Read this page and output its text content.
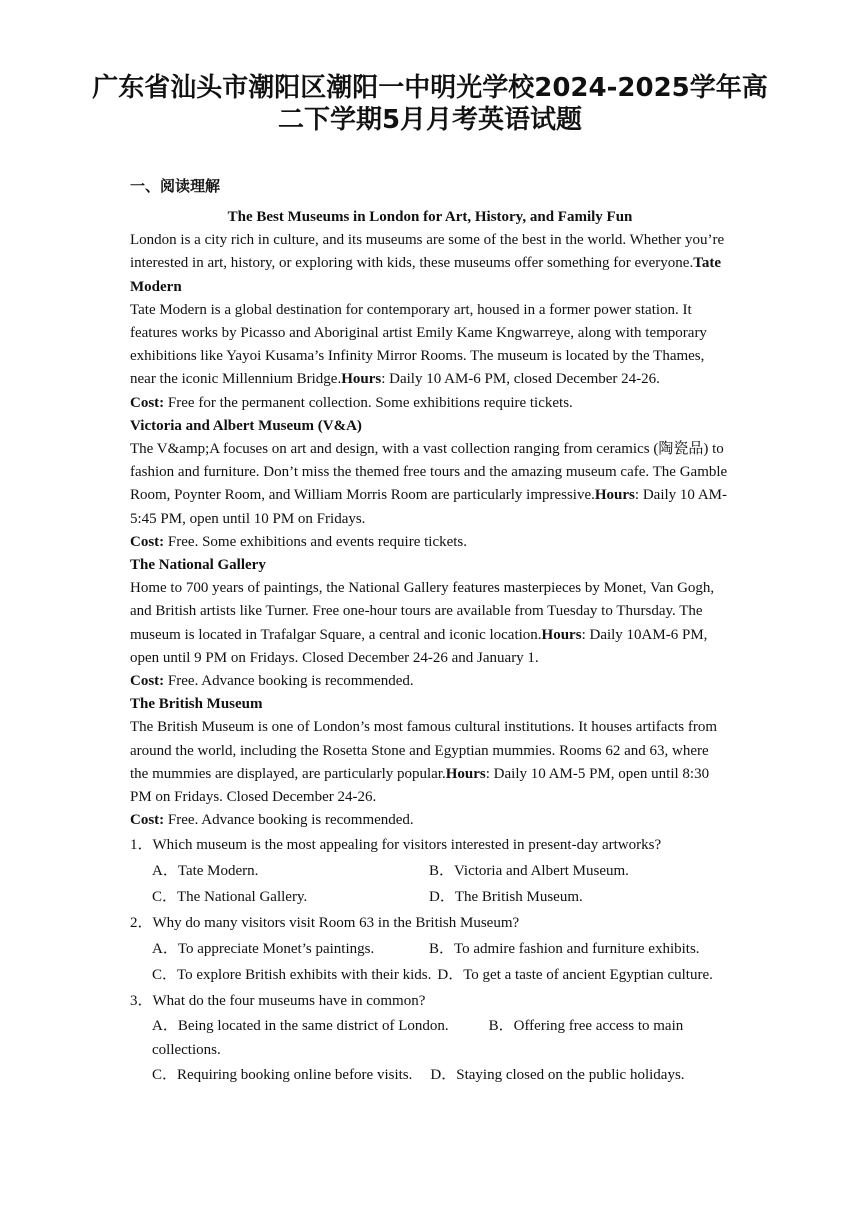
广东省汕头市潮阳区潮阳一中明光学校2024-2025学年高
二下学期5月月考英语试题
一、阅读理解

The Best Museums in London for Art, History, and Family Fun

London is a city rich in culture, and its museums are some of the best in the world. Whether you’re interested in art, history, or exploring with kids, these museums offer something for everyone.Tate Modern

Tate Modern is a global destination for contemporary art, housed in a former power station. It features works by Picasso and Aboriginal artist Emily Kame Kngwarreye, along with temporary exhibitions like Yayoi Kusama’s Infinity Mirror Rooms. The museum is located by the Thames, near the iconic Millennium Bridge.Hours: Daily 10 AM-6 PM, closed December 24-26.

Cost: Free for the permanent collection. Some exhibitions require tickets.

Victoria and Albert Museum (V&A)

The V&amp;A focuses on art and design, with a vast collection ranging from ceramics (陶瓷品) to fashion and furniture. Don’t miss the themed free tours and the amazing museum cafe. The Gamble Room, Poynter Room, and William Morris Room are particularly impressive.Hours: Daily 10 AM-5:45 PM, open until 10 PM on Fridays.

Cost: Free. Some exhibitions and events require tickets.

The National Gallery

Home to 700 years of paintings, the National Gallery features masterpieces by Monet, Van Gogh, and British artists like Turner. Free one-hour tours are available from Tuesday to Thursday. The museum is located in Trafalgar Square, a central and iconic location.Hours: Daily 10AM-6 PM, open until 9 PM on Fridays. Closed December 24-26 and January 1.

Cost: Free. Advance booking is recommended.

The British Museum

The British Museum is one of London’s most famous cultural institutions. It houses artifacts from around the world, including the Rosetta Stone and Egyptian mummies. Rooms 62 and 63, where the mummies are displayed, are particularly popular.Hours: Daily 10 AM-5 PM, open until 8:30 PM on Fridays. Closed December 24-26.

Cost: Free. Advance booking is recommended.

1．Which museum is the most appealing for visitors interested in present-day artworks?
A．Tate Modern.	B．Victoria and Albert Museum.
C．The National Gallery.	D．The British Museum.
2．Why do many visitors visit Room 63 in the British Museum?
A．To appreciate Monet’s paintings.	B．To admire fashion and furniture exhibits.
C．To explore British exhibits with their kids. D．To get a taste of ancient Egyptian culture.
3．What do the four museums have in common?
A．Being located in the same district of London.	B．Offering free access to main collections.
C．Requiring booking online before visits. D．Staying closed on the public holidays.
